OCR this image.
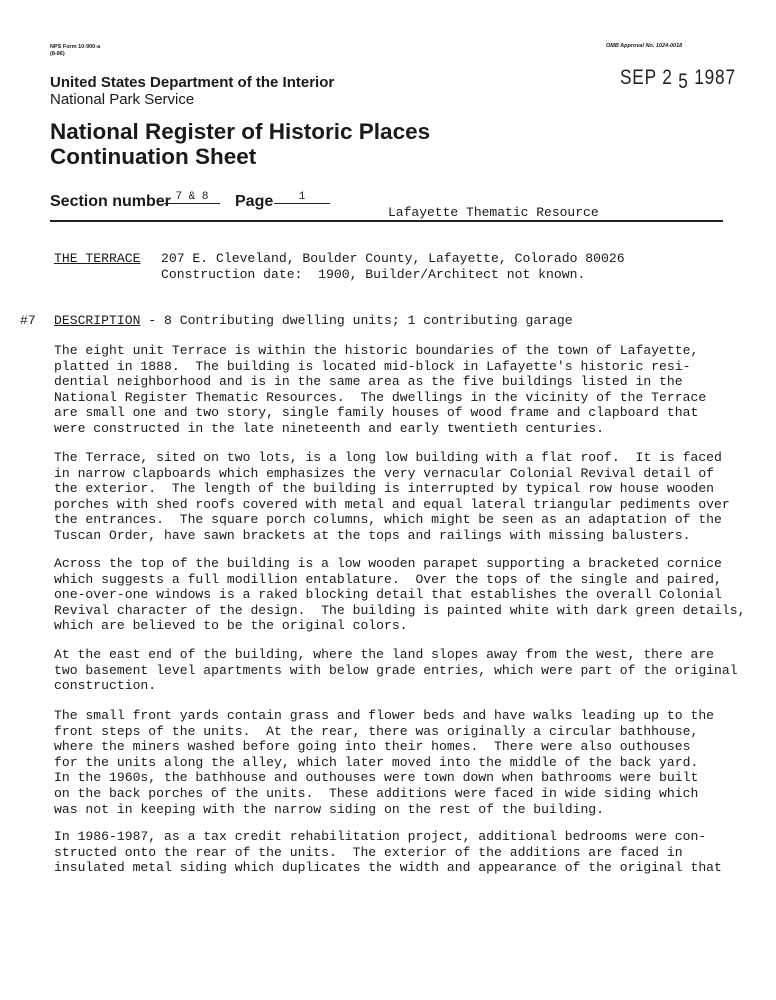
NPS Form 10-900-a
(8-86)
OMB Approval No. 1024-0018
SEP 2 5 1987
United States Department of the Interior
National Park Service
National Register of Historic Places
Continuation Sheet
Section number 7 & 8	Page	1
Lafayette Thematic Resource

THE TERRACE

207 E. Cleveland, Boulder County, Lafayette, Colorado 80026

Construction date:  1900, Builder/Architect not known.

#7 DESCRIPTION - 8 Contributing dwelling units; 1 contributing garage
The eight unit Terrace is within the historic boundaries of the town of Lafayette,
platted in 1888.  The building is located mid-block in Lafayette's historic resi-
dential neighborhood and is in the same area as the five buildings listed in the
National Register Thematic Resources.  The dwellings in the vicinity of the Terrace
are small one and two story, single family houses of wood frame and clapboard that
were constructed in the late nineteenth and early twentieth centuries.
The Terrace, sited on two lots, is a long low building with a flat roof.  It is faced
in narrow clapboards which emphasizes the very vernacular Colonial Revival detail of
the exterior.  The length of the building is interrupted by typical row house wooden
porches with shed roofs covered with metal and equal lateral triangular pediments over
the entrances.  The square porch columns, which might be seen as an adaptation of the
Tuscan Order, have sawn brackets at the tops and railings with missing balusters.
Across the top of the building is a low wooden parapet supporting a bracketed cornice
which suggests a full modillion entablature.  Over the tops of the single and paired,
one-over-one windows is a raked blocking detail that establishes the overall Colonial
Revival character of the design.  The building is painted white with dark green details,
which are believed to be the original colors.
At the east end of the building, where the land slopes away from the west, there are
two basement level apartments with below grade entries, which were part of the original
construction.
The small front yards contain grass and flower beds and have walks leading up to the
front steps of the units.  At the rear, there was originally a circular bathhouse,
where the miners washed before going into their homes.  There were also outhouses
for the units along the alley, which later moved into the middle of the back yard.
In the 1960s, the bathhouse and outhouses were town down when bathrooms were built
on the back porches of the units.  These additions were faced in wide siding which
was not in keeping with the narrow siding on the rest of the building.
In 1986-1987, as a tax credit rehabilitation project, additional bedrooms were con-
structed onto the rear of the units.  The exterior of the additions are faced in
insulated metal siding which duplicates the width and appearance of the original that
